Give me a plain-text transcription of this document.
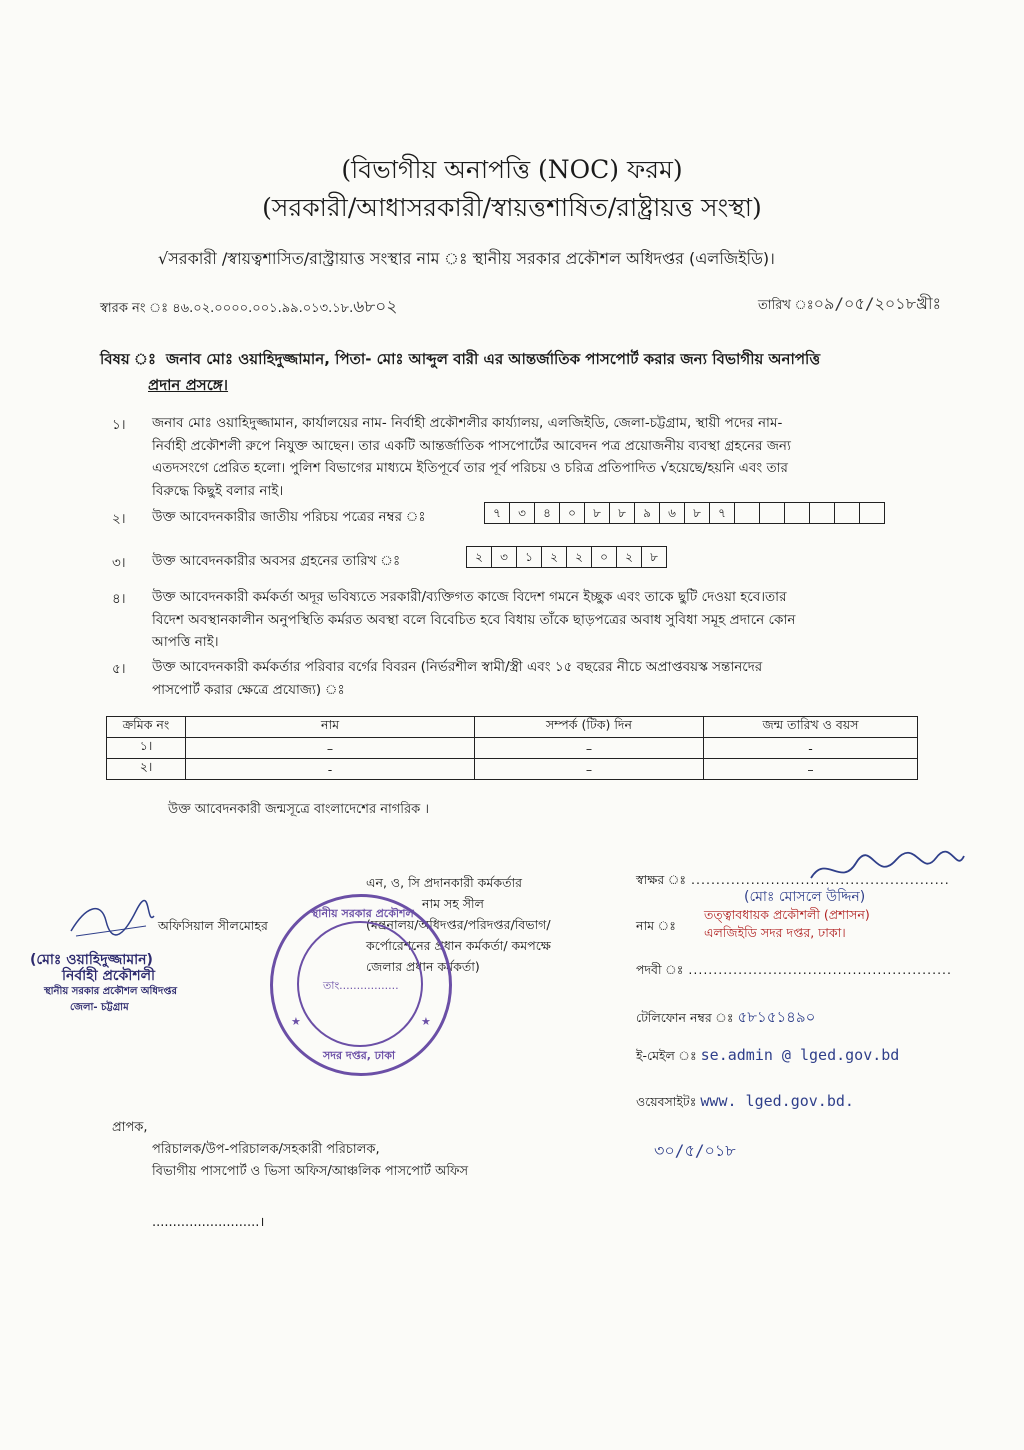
(বিভাগীয় অনাপত্তি (NOC) ফরম)
(সরকারী/আধাসরকারী/স্বায়ত্তশাষিত/রাষ্ট্রায়ত্ত সংস্থা)
√সরকারী /স্বায়ত্বশাসিত/রাস্ট্রায়াত্ত সংস্থার নাম ঃ স্থানীয় সরকার প্রকৌশল অধিদপ্তর (এলজিইডি)।
স্বারক নং ঃ ৪৬.০২.০০০০.০০১.৯৯.০১৩.১৮.৬৮০২	তারিখ ঃ০৯/০৫/২০১৮খ্রীঃ
বিষয় ঃ জনাব মোঃ ওয়াহিদুজ্জামান, পিতা- মোঃ আব্দুল বারী এর আন্তর্জাতিক পাসপোর্ট করার জন্য বিভাগীয় অনাপত্তি
প্রদান প্রসঙ্গে।
১। জনাব মোঃ ওয়াহিদুজ্জামান, কার্যালয়ের নাম- নির্বাহী প্রকৌশলীর কার্য্যালয়, এলজিইডি, জেলা-চট্টগ্রাম, স্থায়ী পদের নাম-
নির্বাহী প্রকৌশলী রুপে নিযুক্ত আছেন। তার একটি আন্তর্জাতিক পাসপোর্টের আবেদন পত্র প্রয়োজনীয় ব্যবস্থা গ্রহনের জন্য
এতদসংগে প্রেরিত হলো। পুলিশ বিভাগের মাধ্যমে ইতিপূর্বে তার পূর্ব পরিচয় ও চরিত্র প্রতিপাদিত √হয়েছে/হয়নি এবং তার
বিরুদ্ধে কিছুই বলার নাই।
২। উক্ত আবেদনকারীর জাতীয় পরিচয় পত্রের নম্বর ঃ	৭	৩	৪	০	৮	৮	৯	৬	৮	৭
৩। উক্ত আবেদনকারীর অবসর গ্রহনের তারিখ ঃ	২	৩	১	২	২	০	২	৮
৪। উক্ত আবেদনকারী কর্মকর্তা অদূর ভবিষ্যতে সরকারী/ব্যক্তিগত কাজে বিদেশ গমনে ইচ্ছুক এবং তাকে ছুটি দেওয়া হবে।তার
বিদেশ অবস্থানকালীন অনুপস্থিতি কর্মরত অবস্থা বলে বিবেচিত হবে বিধায় তাঁকে ছাড়পত্রের অবাধ সুবিধা সমূহ প্রদানে কোন
আপত্তি নাই।
৫। উক্ত আবেদনকারী কর্মকর্তার পরিবার বর্গের বিবরন (নির্ভরশীল স্বামী/স্ত্রী এবং ১৫ বছরের নীচে অপ্রাপ্তবয়স্ক সন্তানদের
পাসপোর্ট করার ক্ষেত্রে প্রযোজ্য) ঃ
ক্রমিক নং	নাম	সম্পর্ক (টিক) দিন	জন্ম তারিখ ও বয়স
১।	–	–	-
২।	-	–	–
উক্ত আবেদনকারী জন্মসূত্রে বাংলাদেশের নাগরিক ।
অফিসিয়াল সীলমোহর
(মোঃ ওয়াহিদুজ্জামান)
নির্বাহী প্রকৌশলী
স্থানীয় সরকার প্রকৌশল অধিদপ্তর
জেলা- চট্টগ্রাম
এন, ও, সি প্রদানকারী কর্মকর্তার
নাম সহ সীল
(মন্ত্রনালয়/অধিদপ্তর/পরিদপ্তর/বিভাগ/
কর্পোরেশনের প্রধান কর্মকর্তা/ কমপক্ষে
জেলার প্রধান কর্মকর্তা)
স্থানীয় সরকার প্রকৌশল
তাং.................
সদর দপ্তর, ঢাকা
★	★
স্বাক্ষর ঃ ....................................................
নাম ঃ
(মোঃ মোসলে উদ্দিন)
তত্ত্বাবধায়ক প্রকৌশলী (প্রশাসন)
এলজিইডি সদর দপ্তর, ঢাকা।
পদবী ঃ .....................................................
টেলিফোন নম্বর ঃ ৫৮১৫১৪৯০
ই-মেইল ঃ se.admin @ lged.gov.bd
ওয়েবসাইটঃ www. lged.gov.bd.
৩০/৫/০১৮
প্রাপক,
পরিচালক/উপ-পরিচালক/সহকারী পরিচালক,
বিভাগীয় পাসপোর্ট ও ভিসা অফিস/আঞ্চলিক পাসপোর্ট অফিস
..........................।
